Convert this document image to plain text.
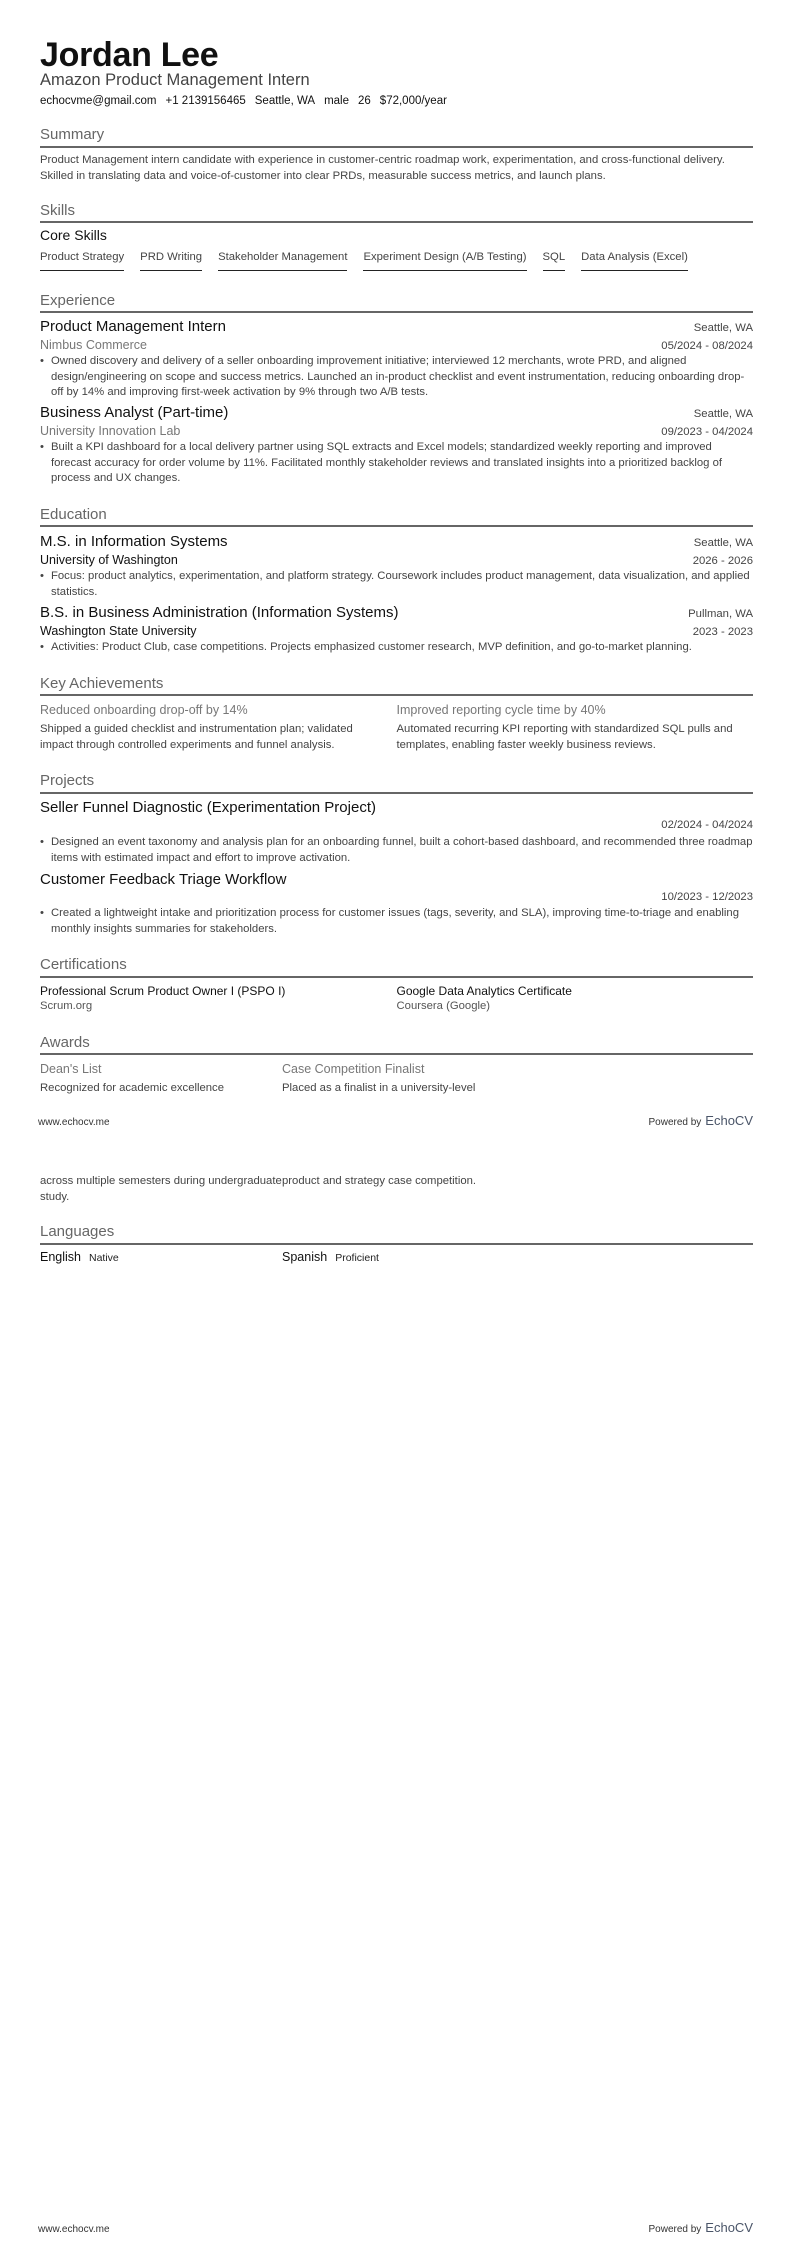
Jordan Lee
Amazon Product Management Intern
echocvme@gmail.com +1 2139156465 Seattle, WA male 26 $72,000/year
Summary
Product Management intern candidate with experience in customer-centric roadmap work, experimentation, and cross-functional delivery. Skilled in translating data and voice-of-customer into clear PRDs, measurable success metrics, and launch plans.
Skills
Core Skills
Product Strategy PRD Writing Stakeholder Management Experiment Design (A/B Testing) SQL Data Analysis (Excel)
Experience
Product Management Intern	Seattle, WA
Nimbus Commerce	05/2024 - 08/2024
• Owned discovery and delivery of a seller onboarding improvement initiative; interviewed 12 merchants, wrote PRD, and aligned design/engineering on scope and success metrics. Launched an in-product checklist and event instrumentation, reducing onboarding drop-off by 14% and improving first-week activation by 9% through two A/B tests.
Business Analyst (Part-time)	Seattle, WA
University Innovation Lab	09/2023 - 04/2024
• Built a KPI dashboard for a local delivery partner using SQL extracts and Excel models; standardized weekly reporting and improved forecast accuracy for order volume by 11%. Facilitated monthly stakeholder reviews and translated insights into a prioritized backlog of process and UX changes.
Education
M.S. in Information Systems	Seattle, WA
University of Washington	2026 - 2026
• Focus: product analytics, experimentation, and platform strategy. Coursework includes product management, data visualization, and applied statistics.
B.S. in Business Administration (Information Systems)	Pullman, WA
Washington State University	2023 - 2023
• Activities: Product Club, case competitions. Projects emphasized customer research, MVP definition, and go-to-market planning.
Key Achievements
Reduced onboarding drop-off by 14%
Shipped a guided checklist and instrumentation plan; validated impact through controlled experiments and funnel analysis.
Improved reporting cycle time by 40%
Automated recurring KPI reporting with standardized SQL pulls and templates, enabling faster weekly business reviews.
Projects
Seller Funnel Diagnostic (Experimentation Project)
02/2024 - 04/2024
• Designed an event taxonomy and analysis plan for an onboarding funnel, built a cohort-based dashboard, and recommended three roadmap items with estimated impact and effort to improve activation.
Customer Feedback Triage Workflow
10/2023 - 12/2023
• Created a lightweight intake and prioritization process for customer issues (tags, severity, and SLA), improving time-to-triage and enabling monthly insights summaries for stakeholders.
Certifications
Professional Scrum Product Owner I (PSPO I)
Scrum.org
Google Data Analytics Certificate
Coursera (Google)
Awards
Dean's List
Recognized for academic excellence
Case Competition Finalist
Placed as a finalist in a university-level
www.echocv.me	Powered by EchoCV
across multiple semesters during undergraduate study.
product and strategy case competition.
Languages
English Native	Spanish Proficient
www.echocv.me	Powered by EchoCV
